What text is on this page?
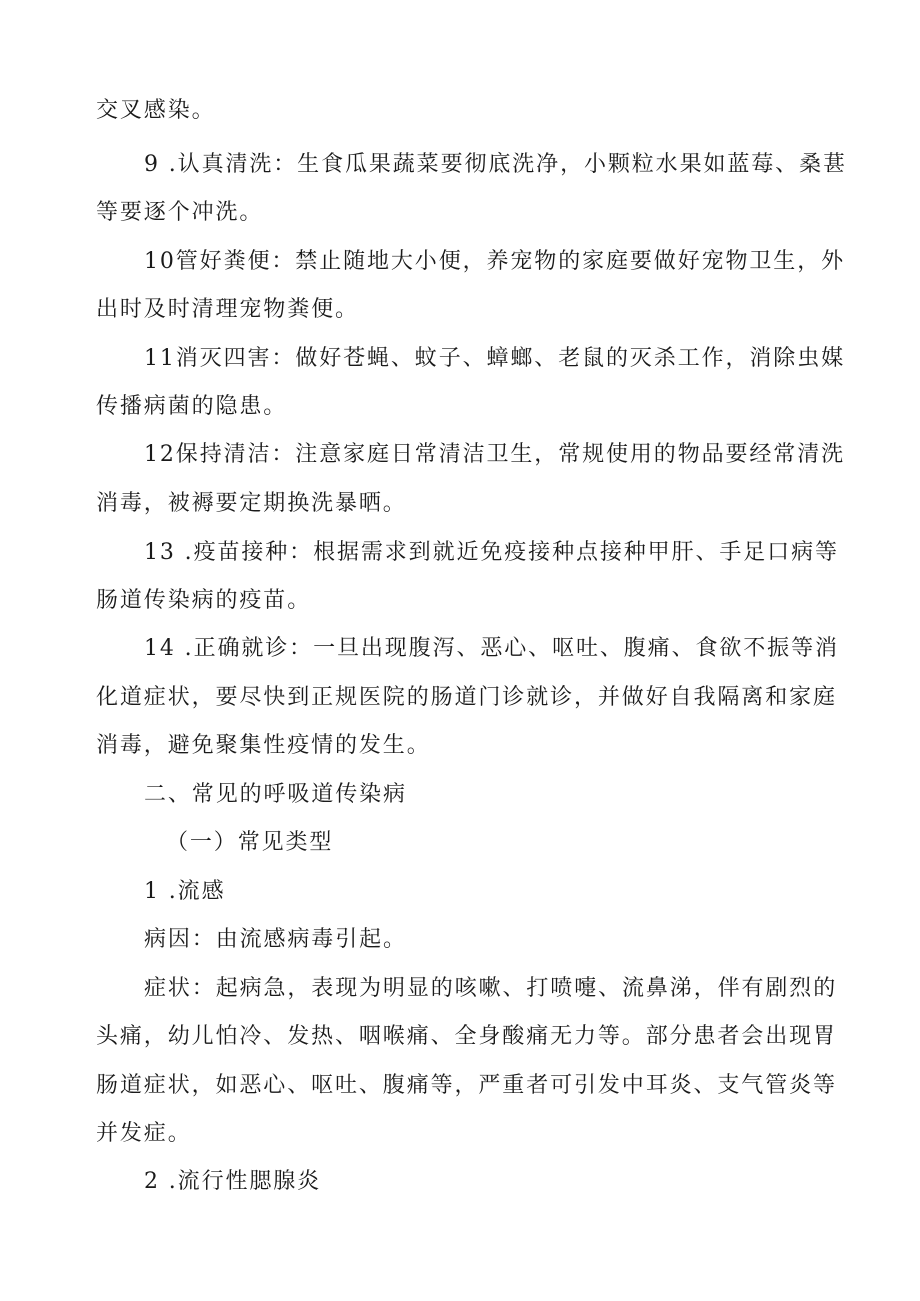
交叉感染。
9 .认真清洗：生食瓜果蔬菜要彻底洗净，小颗粒水果如蓝莓、桑葚
等要逐个冲洗。
10管好粪便：禁止随地大小便，养宠物的家庭要做好宠物卫生，外
出时及时清理宠物粪便。
11消灭四害：做好苍蝇、蚊子、蟑螂、老鼠的灭杀工作，消除虫媒
传播病菌的隐患。
12保持清洁：注意家庭日常清洁卫生，常规使用的物品要经常清洗
消毒，被褥要定期换洗暴晒。
13 .疫苗接种：根据需求到就近免疫接种点接种甲肝、手足口病等
肠道传染病的疫苗。
14 .正确就诊：一旦出现腹泻、恶心、呕吐、腹痛、食欲不振等消
化道症状，要尽快到正规医院的肠道门诊就诊，并做好自我隔离和家庭
消毒，避免聚集性疫情的发生。
二、常见的呼吸道传染病
（一）常见类型
1 .流感
病因：由流感病毒引起。
症状：起病急，表现为明显的咳嗽、打喷嚏、流鼻涕，伴有剧烈的
头痛，幼儿怕冷、发热、咽喉痛、全身酸痛无力等。部分患者会出现胃
肠道症状，如恶心、呕吐、腹痛等，严重者可引发中耳炎、支气管炎等
并发症。
2 .流行性腮腺炎
